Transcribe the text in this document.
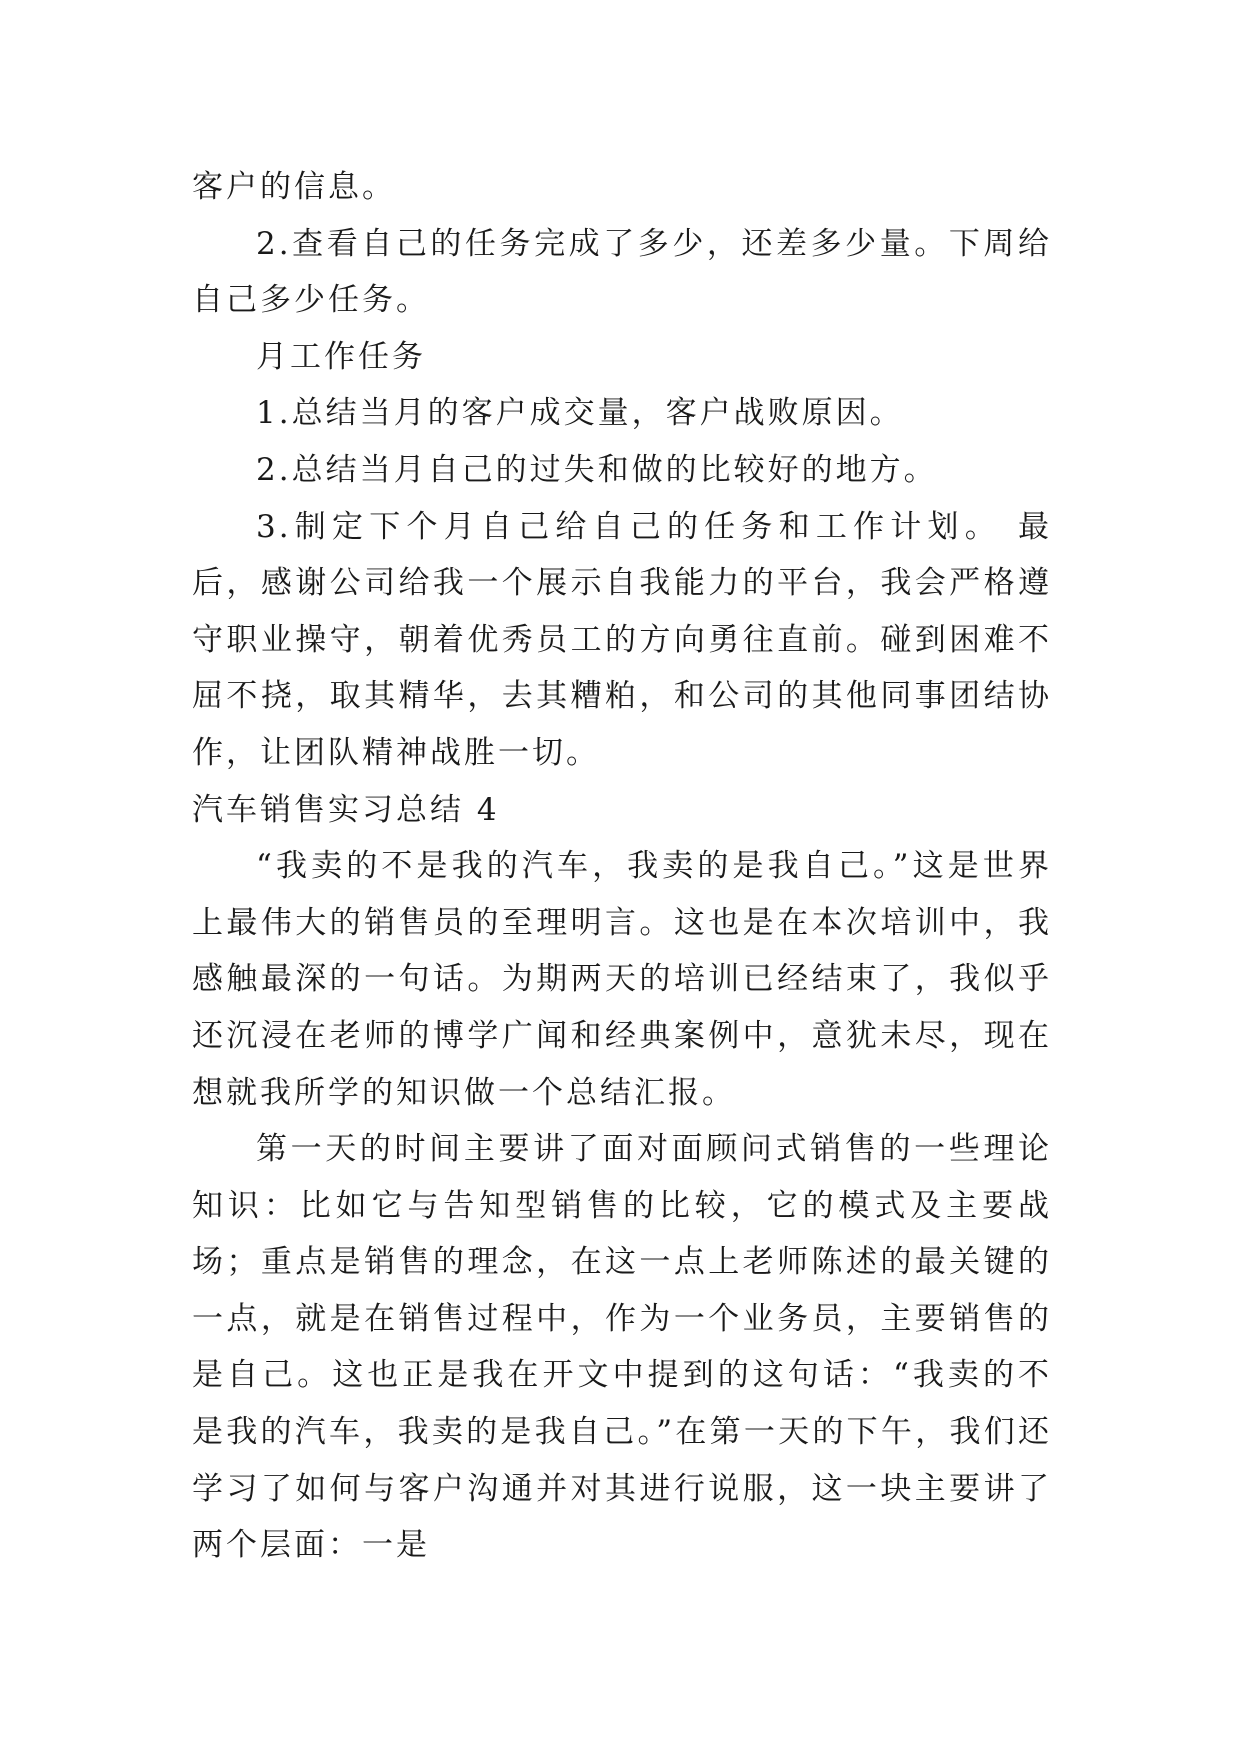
客户的信息。

2.查看自己的任务完成了多少，还差多少量。下周给自己多少任务。

月工作任务

1.总结当月的客户成交量，客户战败原因。

2.总结当月自己的过失和做的比较好的地方。

3.制定下个月自己给自己的任务和工作计划。 最后，感谢公司给我一个展示自我能力的平台，我会严格遵守职业操守，朝着优秀员工的方向勇往直前。碰到困难不屈不挠，取其精华，去其糟粕，和公司的其他同事团结协作，让团队精神战胜一切。

汽车销售实习总结 4

“我卖的不是我的汽车，我卖的是我自己。”这是世界上最伟大的销售员的至理明言。这也是在本次培训中，我感触最深的一句话。为期两天的培训已经结束了，我似乎还沉浸在老师的博学广闻和经典案例中，意犹未尽，现在想就我所学的知识做一个总结汇报。

第一天的时间主要讲了面对面顾问式销售的一些理论知识：比如它与告知型销售的比较，它的模式及主要战场；重点是销售的理念，在这一点上老师陈述的最关键的一点，就是在销售过程中，作为一个业务员，主要销售的是自己。这也正是我在开文中提到的这句话：“我卖的不是我的汽车，我卖的是我自己。”在第一天的下午，我们还学习了如何与客户沟通并对其进行说服，这一块主要讲了两个层面：一是
